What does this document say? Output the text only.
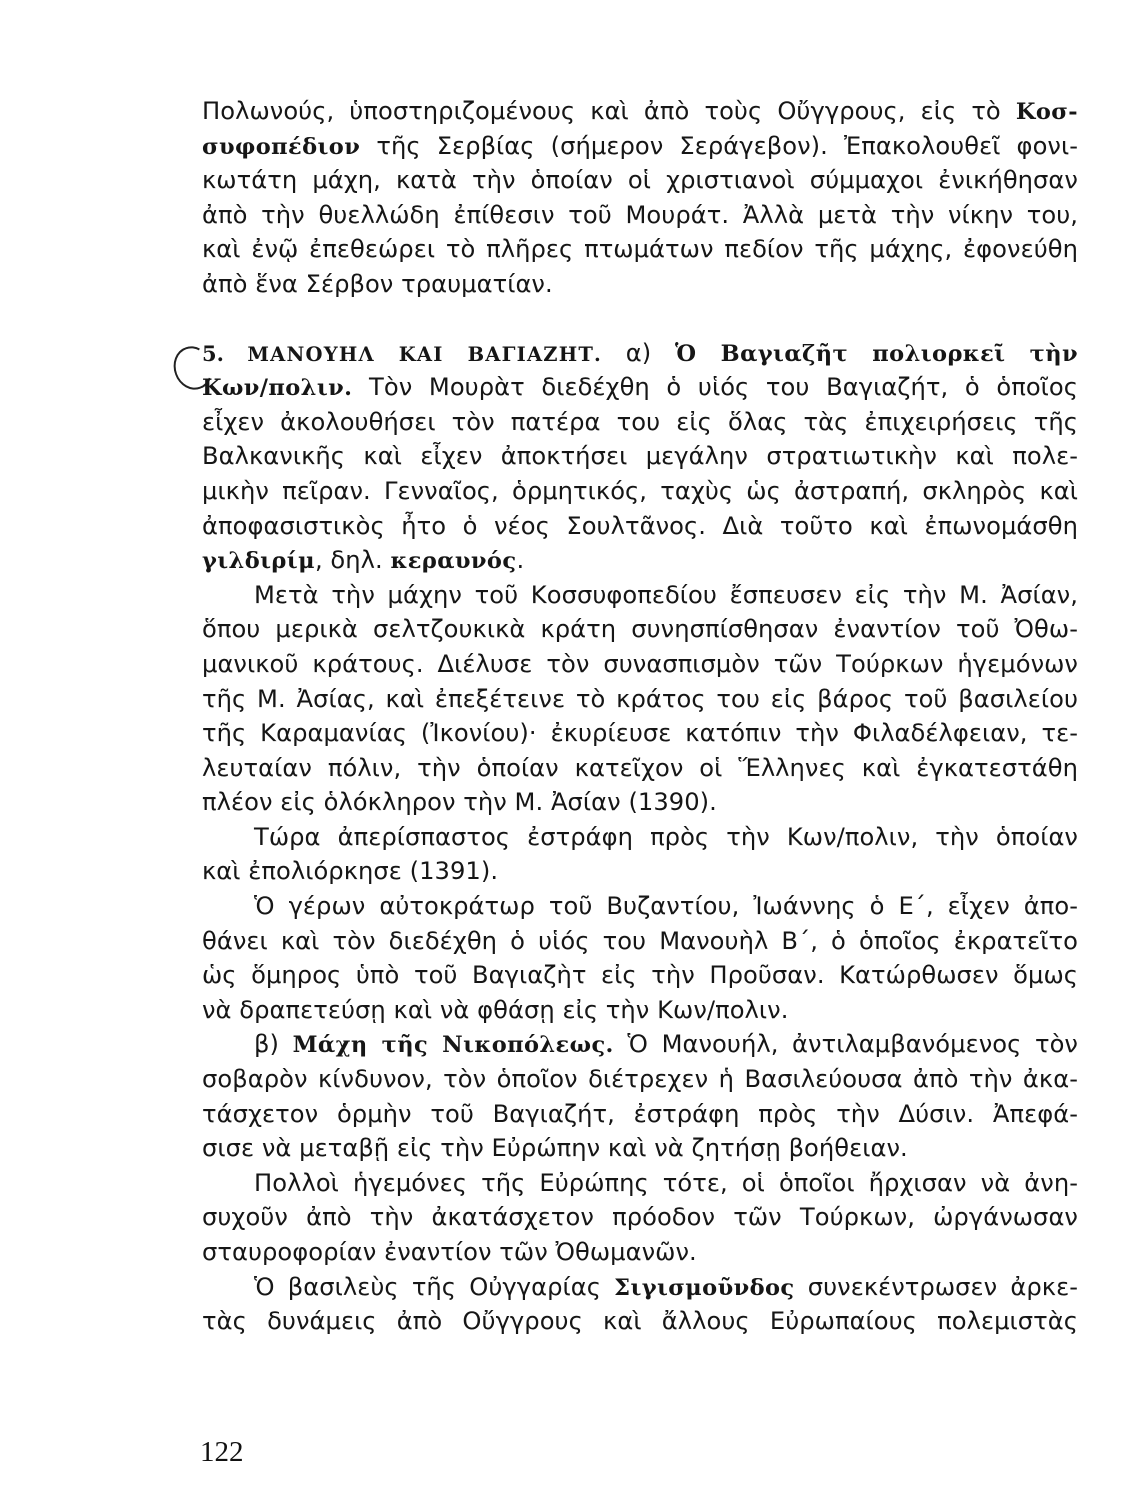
Πολωνούς, ὑποστηριζομένους καὶ ἀπὸ τοὺς Οὔγγρους, εἰς τὸ Κοσ-
συφοπέδιον τῆς Σερβίας (σήμερον Σεράγεβον). Ἐπακολουθεῖ φονι-
κωτάτη μάχη, κατὰ τὴν ὁποίαν οἱ χριστιανοὶ σύμμαχοι ἐνικήθησαν
ἀπὸ τὴν θυελλώδη ἐπίθεσιν τοῦ Μουράτ. Ἀλλὰ μετὰ τὴν νίκην του,
καὶ ἐνῷ ἐπεθεώρει τὸ πλῆρες πτωμάτων πεδίον τῆς μάχης, ἐφονεύθη
ἀπὸ ἕνα Σέρβον τραυματίαν.
5. ΜΑΝΟΥΗΛ ΚΑΙ ΒΑΓΙΑΖΗΤ. α) Ὁ Βαγιαζῆτ πολιορκεῖ τὴν
Κων/πολιν. Τὸν Μουρὰτ διεδέχθη ὁ υἱός του Βαγιαζήτ, ὁ ὁποῖος
εἶχεν ἀκολουθήσει τὸν πατέρα του εἰς ὅλας τὰς ἐπιχειρήσεις τῆς
Βαλκανικῆς καὶ εἶχεν ἀποκτήσει μεγάλην στρατιωτικὴν καὶ πολε-
μικὴν πεῖραν. Γενναῖος, ὁρμητικός, ταχὺς ὡς ἀστραπή, σκληρὸς καὶ
ἀποφασιστικὸς ἦτο ὁ νέος Σουλτᾶνος. Διὰ τοῦτο καὶ ἐπωνομάσθη
γιλδιρίμ, δηλ. κεραυνός.
Μετὰ τὴν μάχην τοῦ Κοσσυφοπεδίου ἔσπευσεν εἰς τὴν Μ. Ἀσίαν,
ὅπου μερικὰ σελτζουκικὰ κράτη συνησπίσθησαν ἐναντίον τοῦ Ὀθω-
μανικοῦ κράτους. Διέλυσε τὸν συνασπισμὸν τῶν Τούρκων ἡγεμόνων
τῆς Μ. Ἀσίας, καὶ ἐπεξέτεινε τὸ κράτος του εἰς βάρος τοῦ βασιλείου
τῆς Καραμανίας (Ἰκονίου)· ἐκυρίευσε κατόπιν τὴν Φιλαδέλφειαν, τε-
λευταίαν πόλιν, τὴν ὁποίαν κατεῖχον οἱ Ἕλληνες καὶ ἐγκατεστάθη
πλέον εἰς ὁλόκληρον τὴν Μ. Ἀσίαν (1390).
Τώρα ἀπερίσπαστος ἐστράφη πρὸς τὴν Κων/πολιν, τὴν ὁποίαν
καὶ ἐπολιόρκησε (1391).
Ὁ γέρων αὐτοκράτωρ τοῦ Βυζαντίου, Ἰωάννης ὁ Ε΄, εἶχεν ἀπο-
θάνει καὶ τὸν διεδέχθη ὁ υἱός του Μανουὴλ Β΄, ὁ ὁποῖος ἐκρατεῖτο
ὡς ὅμηρος ὑπὸ τοῦ Βαγιαζὴτ εἰς τὴν Προῦσαν. Κατώρθωσεν ὅμως
νὰ δραπετεύσῃ καὶ νὰ φθάσῃ εἰς τὴν Κων/πολιν.
β) Μάχη τῆς Νικοπόλεως. Ὁ Μανουήλ, ἀντιλαμβανόμενος τὸν
σοβαρὸν κίνδυνον, τὸν ὁποῖον διέτρεχεν ἡ Βασιλεύουσα ἀπὸ τὴν ἀκα-
τάσχετον ὁρμὴν τοῦ Βαγιαζήτ, ἐστράφη πρὸς τὴν Δύσιν. Ἀπεφά-
σισε νὰ μεταβῇ εἰς τὴν Εὐρώπην καὶ νὰ ζητήσῃ βοήθειαν.
Πολλοὶ ἡγεμόνες τῆς Εὐρώπης τότε, οἱ ὁποῖοι ἤρχισαν νὰ ἀνη-
συχοῦν ἀπὸ τὴν ἀκατάσχετον πρόοδον τῶν Τούρκων, ὠργάνωσαν
σταυροφορίαν ἐναντίον τῶν Ὀθωμανῶν.
Ὁ βασιλεὺς τῆς Οὐγγαρίας Σιγισμοῦνδος συνεκέντρωσεν ἀρκε-
τὰς δυνάμεις ἀπὸ Οὔγγρους καὶ ἄλλους Εὐρωπαίους πολεμιστὰς
122
